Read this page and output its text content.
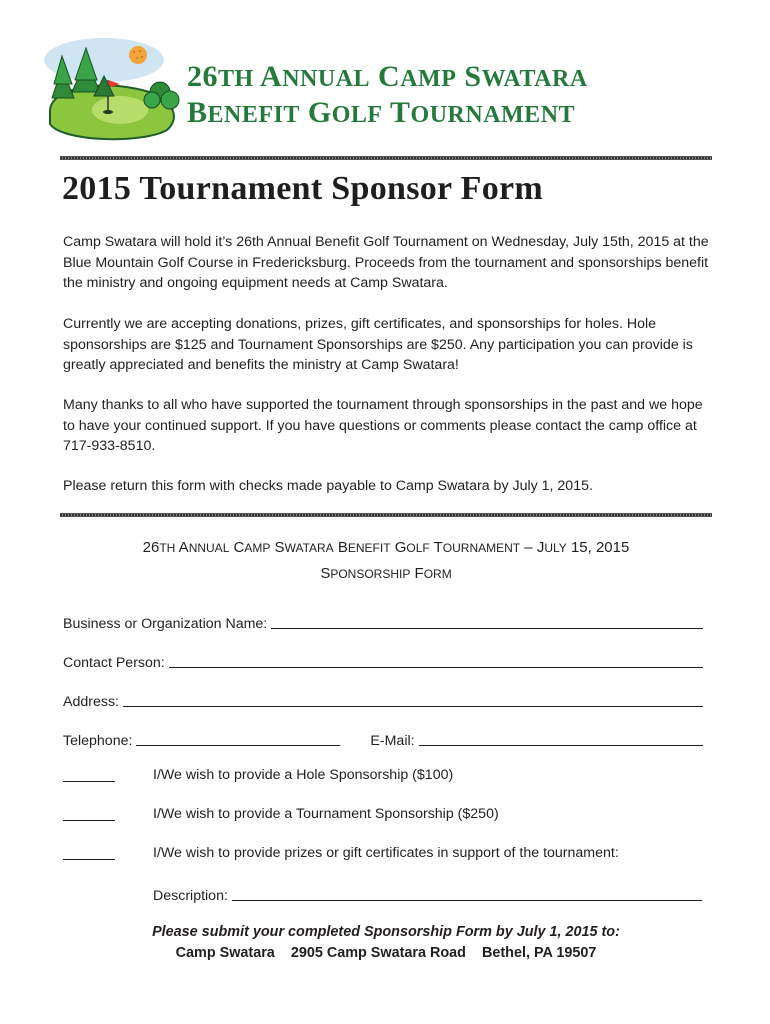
26TH ANNUAL CAMP SWATARA
BENEFIT GOLF TOURNAMENT
2015 Tournament Sponsor Form

Camp Swatara will hold it’s 26th Annual Benefit Golf Tournament on Wednesday, July 15th, 2015 at the Blue Mountain Golf Course in Fredericksburg. Proceeds from the tournament and sponsorships benefit the ministry and ongoing equipment needs at Camp Swatara.

Currently we are accepting donations, prizes, gift certificates, and sponsorships for holes. Hole sponsorships are $125 and Tournament Sponsorships are $250. Any participation you can provide is greatly appreciated and benefits the ministry at Camp Swatara!

Many thanks to all who have supported the tournament through sponsorships in the past and we hope to have your continued support. If you have questions or comments please contact the camp office at 717-933-8510.

Please return this form with checks made payable to Camp Swatara by July 1, 2015.

26TH ANNUAL CAMP SWATARA BENEFIT GOLF TOURNAMENT – JULY 15, 2015
SPONSORSHIP FORM
Business or Organization Name:
Contact Person:
Address:
Telephone:	E-Mail:
I/We wish to provide a Hole Sponsorship ($100)
I/We wish to provide a Tournament Sponsorship ($250)
I/We wish to provide prizes or gift certificates in support of the tournament:
Description:
Please submit your completed Sponsorship Form by July 1, 2015 to:
Camp Swatara 2905 Camp Swatara Road Bethel, PA 19507
